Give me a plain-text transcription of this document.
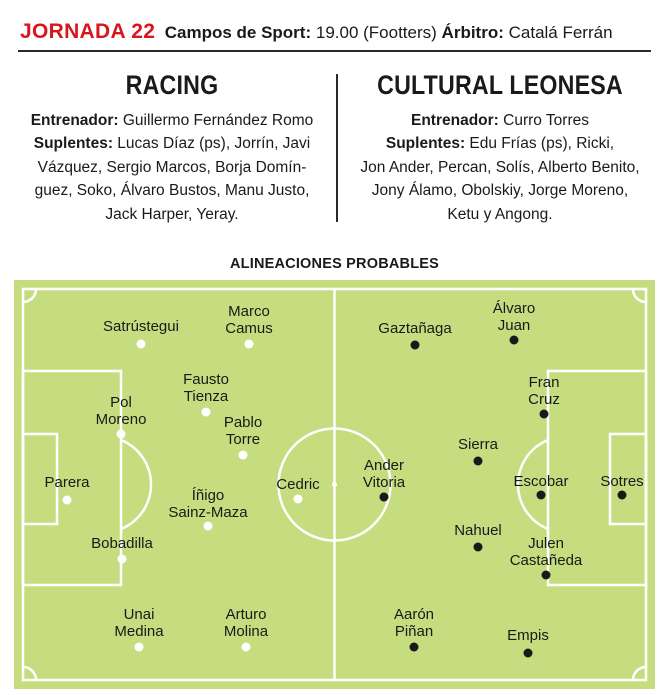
JORNADA 22 Campos de Sport: 19.00 (Footters) Árbitro: Catalá Ferrán
RACING
Entrenador: Guillermo Fernández Romo
Suplentes: Lucas Díaz (ps), Jorrín, Javi
Vázquez, Sergio Marcos, Borja Domín-
guez, Soko, Álvaro Bustos, Manu Justo,
Jack Harper, Yeray.
CULTURAL LEONESA
Entrenador: Curro Torres
Suplentes: Edu Frías (ps), Ricki,
Jon Ander, Percan, Solís, Alberto Benito,
Jony Álamo, Obolskiy, Jorge Moreno,
Ketu y Angong.
ALINEACIONES PROBABLES
Parera
Pol
Moreno
Bobadilla
Satrústegui
Unai
Medina
Marco
Camus
Fausto
Tienza
Pablo
Torre
Íñigo
Sainz-Maza
Arturo
Molina
Cedric	Sotres
Fran
Cruz
Escobar
Julen
Castañeda
Álvaro
Juan
Sierra
Nahuel
Empis
Gaztañaga
Ander
Vitoria
Aarón
Piñan
